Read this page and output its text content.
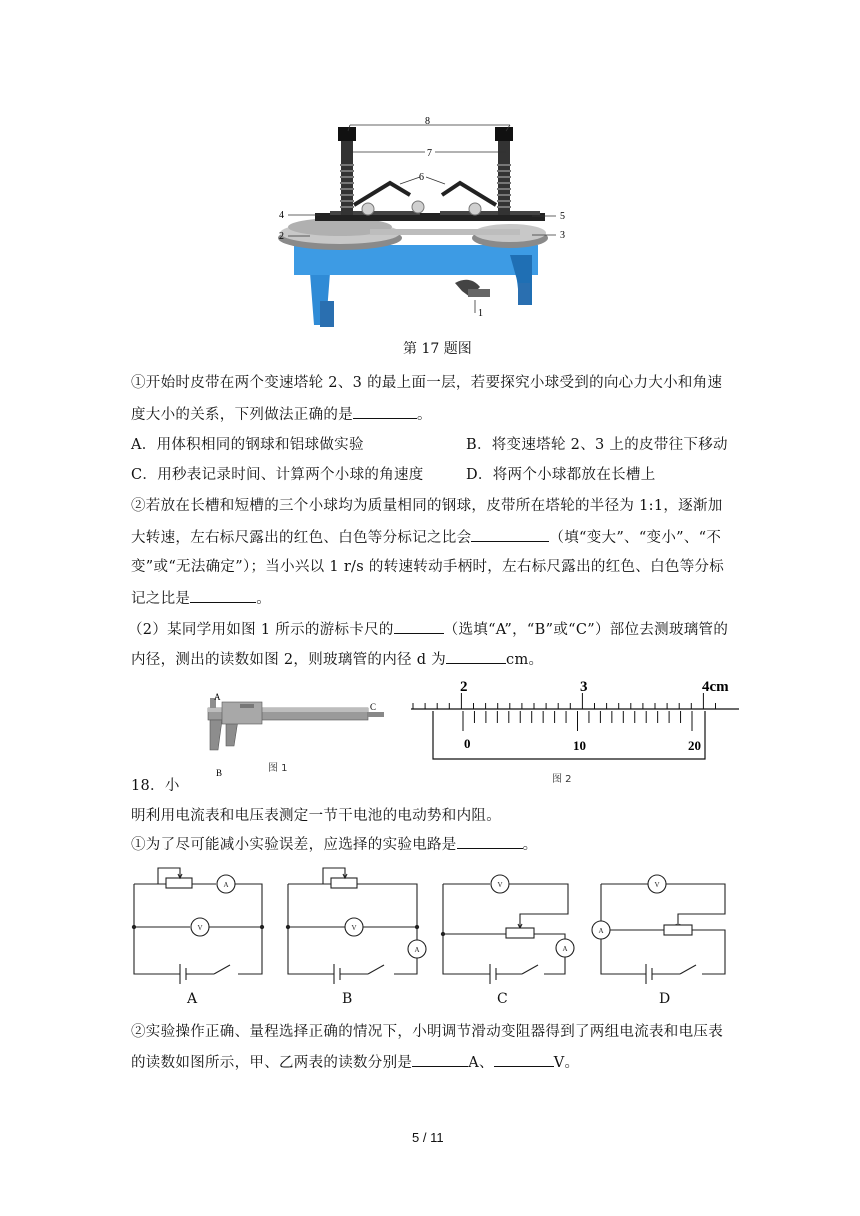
8
7
6
4
2
5
3
1
第 17 题图
①开始时皮带在两个变速塔轮 2、3 的最上面一层，若要探究小球受到的向心力大小和角速
度大小的关系，下列做法正确的是	。
A．用体积相同的钢球和铝球做实验	B．将变速塔轮 2、3 上的皮带往下移动
C．用秒表记录时间、计算两个小球的角速度	D．将两个小球都放在长槽上
②若放在长槽和短槽的三个小球均为质量相同的钢球，皮带所在塔轮的半径为 1:1，逐渐加
大转速，左右标尺露出的红色、白色等分标记之比会	（填“变大”、“变小”、“不
变”或“无法确定”）；当小兴以 1 r/s 的转速转动手柄时，左右标尺露出的红色、白色等分标
记之比是	。
（2）某同学用如图 1 所示的游标卡尺的	（选填“A”，“B”或“C”）部位去测玻璃管的
内径，测出的读数如图 2，则玻璃管的内径 d 为	cm。
A
B
C
图 1
2	3	4cm
0	10	20
图 2
18．小
明利用电流表和电压表测定一节干电池的电动势和内阻。
①为了尽可能减小实验误差，应选择的实验电路是	。
A
V
A
V
V
A
V
A
A	B	C	D
②实验操作正确、量程选择正确的情况下，小明调节滑动变阻器得到了两组电流表和电压表
的读数如图所示，甲、乙两表的读数分别是	A、	V。
5 / 11
